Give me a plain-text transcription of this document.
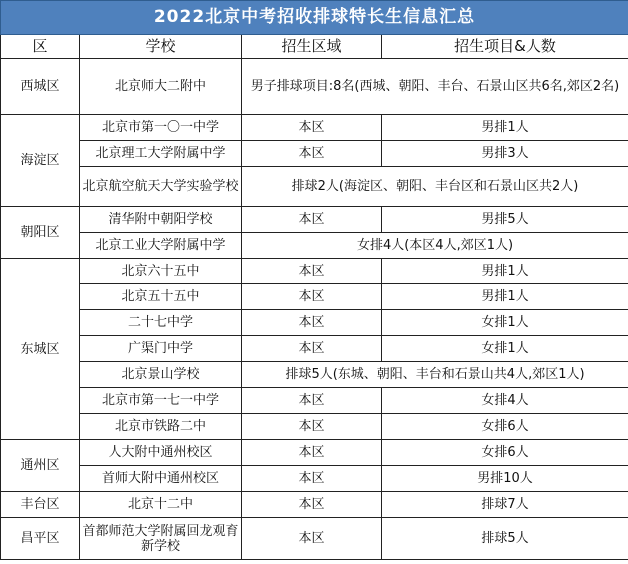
2022北京中考招收排球特长生信息汇总			
区	学校	招生区域	招生项目&人数
西城区	北京师大二附中	男子排球项目:8名(西城、朝阳、丰台、石景山区共6名,郊区2名)	
海淀区	北京市第一〇一中学	本区	男排1人
	北京理工大学附属中学	本区	男排3人
	北京航空航天大学实验学校	排球2人(海淀区、朝阳、丰台区和石景山区共2人)	
朝阳区	清华附中朝阳学校	本区	男排5人
	北京工业大学附属中学	女排4人(本区4人,郊区1人)	
东城区	北京六十五中	本区	男排1人
	北京五十五中	本区	男排1人
	二十七中学	本区	女排1人
	广渠门中学	本区	女排1人
	北京景山学校	排球5人(东城、朝阳、丰台和石景山共4人,郊区1人)	
	北京市第一七一中学	本区	女排4人
	北京市铁路二中	本区	女排6人
通州区	人大附中通州校区	本区	女排6人
	首师大附中通州校区	本区	男排10人
丰台区	北京十二中	本区	排球7人
昌平区	首都师范大学附属回龙观育新学校	本区	排球5人
